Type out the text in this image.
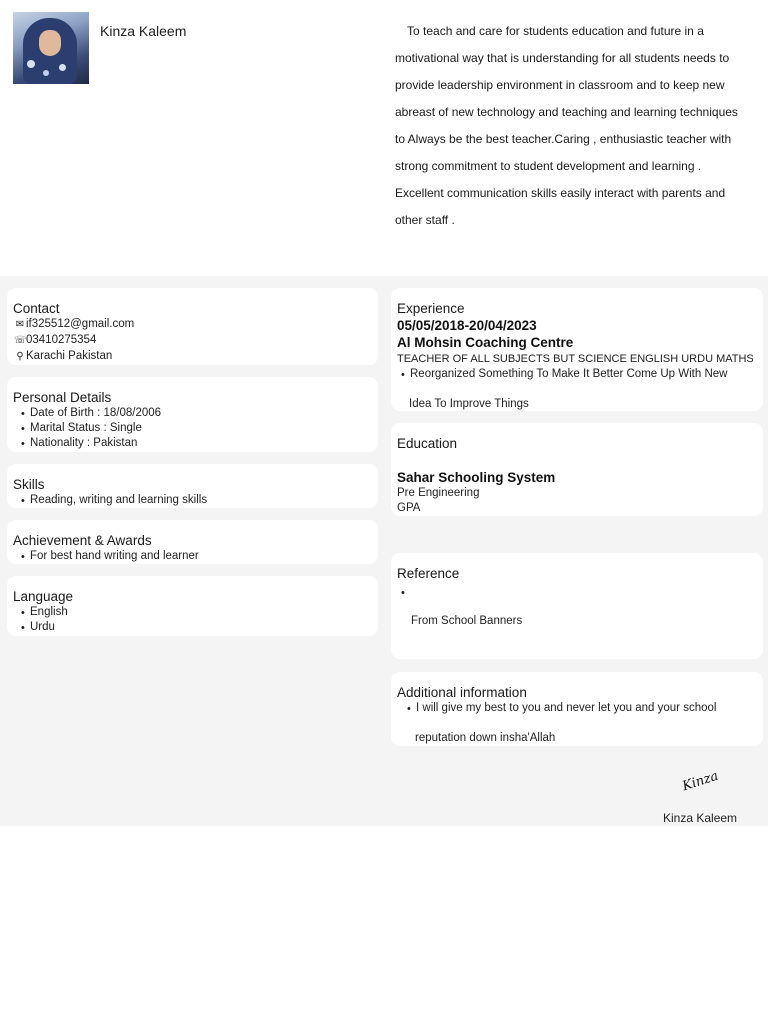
Kinza Kaleem	To teach and care for students education and future in a motivational way that is understanding for all students needs to provide leadership environment in classroom and to keep new abreast of new technology and teaching and learning techniques to Always be the best teacher.Caring , enthusiastic teacher with strong commitment to student development and learning . Excellent communication skills easily interact with parents and other staff .

Contact
✉ if325512@gmail.com
☏03410275354
⚲ Karachi Pakistan
Personal Details
• Date of Birth : 18/08/2006
• Marital Status : Single
• Nationality : Pakistan
Skills
• Reading, writing and learning skills
Achievement & Awards
• For best hand writing and learner
Language
• English
• Urdu
Experience
05/05/2018-20/04/2023
Al Mohsin Coaching Centre
TEACHER OF ALL SUBJECTS BUT SCIENCE ENGLISH URDU MATHS
• Reorganized Something To Make It Better Come Up With New
Idea To Improve Things
Education
Sahar Schooling System
Pre Engineering
GPA
Reference
From School Banners
Additional information
• I will give my best to you and never let you and your school
reputation down insha'Allah
Kinza
Kinza Kaleem
